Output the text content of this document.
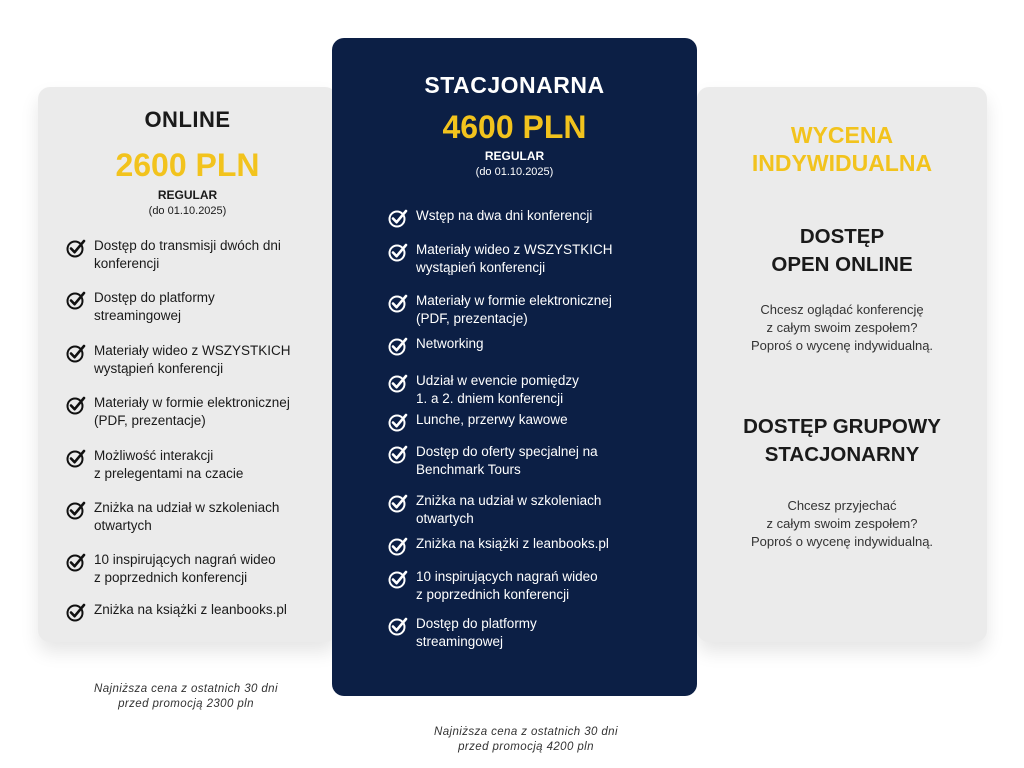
ONLINE
2600 PLN
REGULAR
(do 01.10.2025)
Dostęp do transmisji dwóch dni
konferencji
Dostęp do platformy
streamingowej
Materiały wideo z WSZYSTKICH
wystąpień konferencji
Materiały w formie elektronicznej
(PDF, prezentacje)
Możliwość interakcji
z prelegentami na czacie
Zniżka na udział w szkoleniach
otwartych
10 inspirujących nagrań wideo
z poprzednich konferencji
Zniżka na książki z leanbooks.pl
Najniższa cena z ostatnich 30 dni
przed promocją 2300 pln
STACJONARNA
4600 PLN
REGULAR
(do 01.10.2025)
Wstęp na dwa dni konferencji
Materiały wideo z WSZYSTKICH
wystąpień konferencji
Materiały w formie elektronicznej
(PDF, prezentacje)
Networking
Udział w evencie pomiędzy
1. a 2. dniem konferencji
Lunche, przerwy kawowe
Dostęp do oferty specjalnej na
Benchmark Tours
Zniżka na udział w szkoleniach
otwartych
Zniżka na książki z leanbooks.pl
10 inspirujących nagrań wideo
z poprzednich konferencji
Dostęp do platformy
streamingowej
Najniższa cena z ostatnich 30 dni
przed promocją 4200 pln
WYCENA
INDYWIDUALNA
DOSTĘP
OPEN ONLINE
Chcesz oglądać konferencję
z całym swoim zespołem?
Poproś o wycenę indywidualną.
DOSTĘP GRUPOWY
STACJONARNY
Chcesz przyjechać
z całym swoim zespołem?
Poproś o wycenę indywidualną.
